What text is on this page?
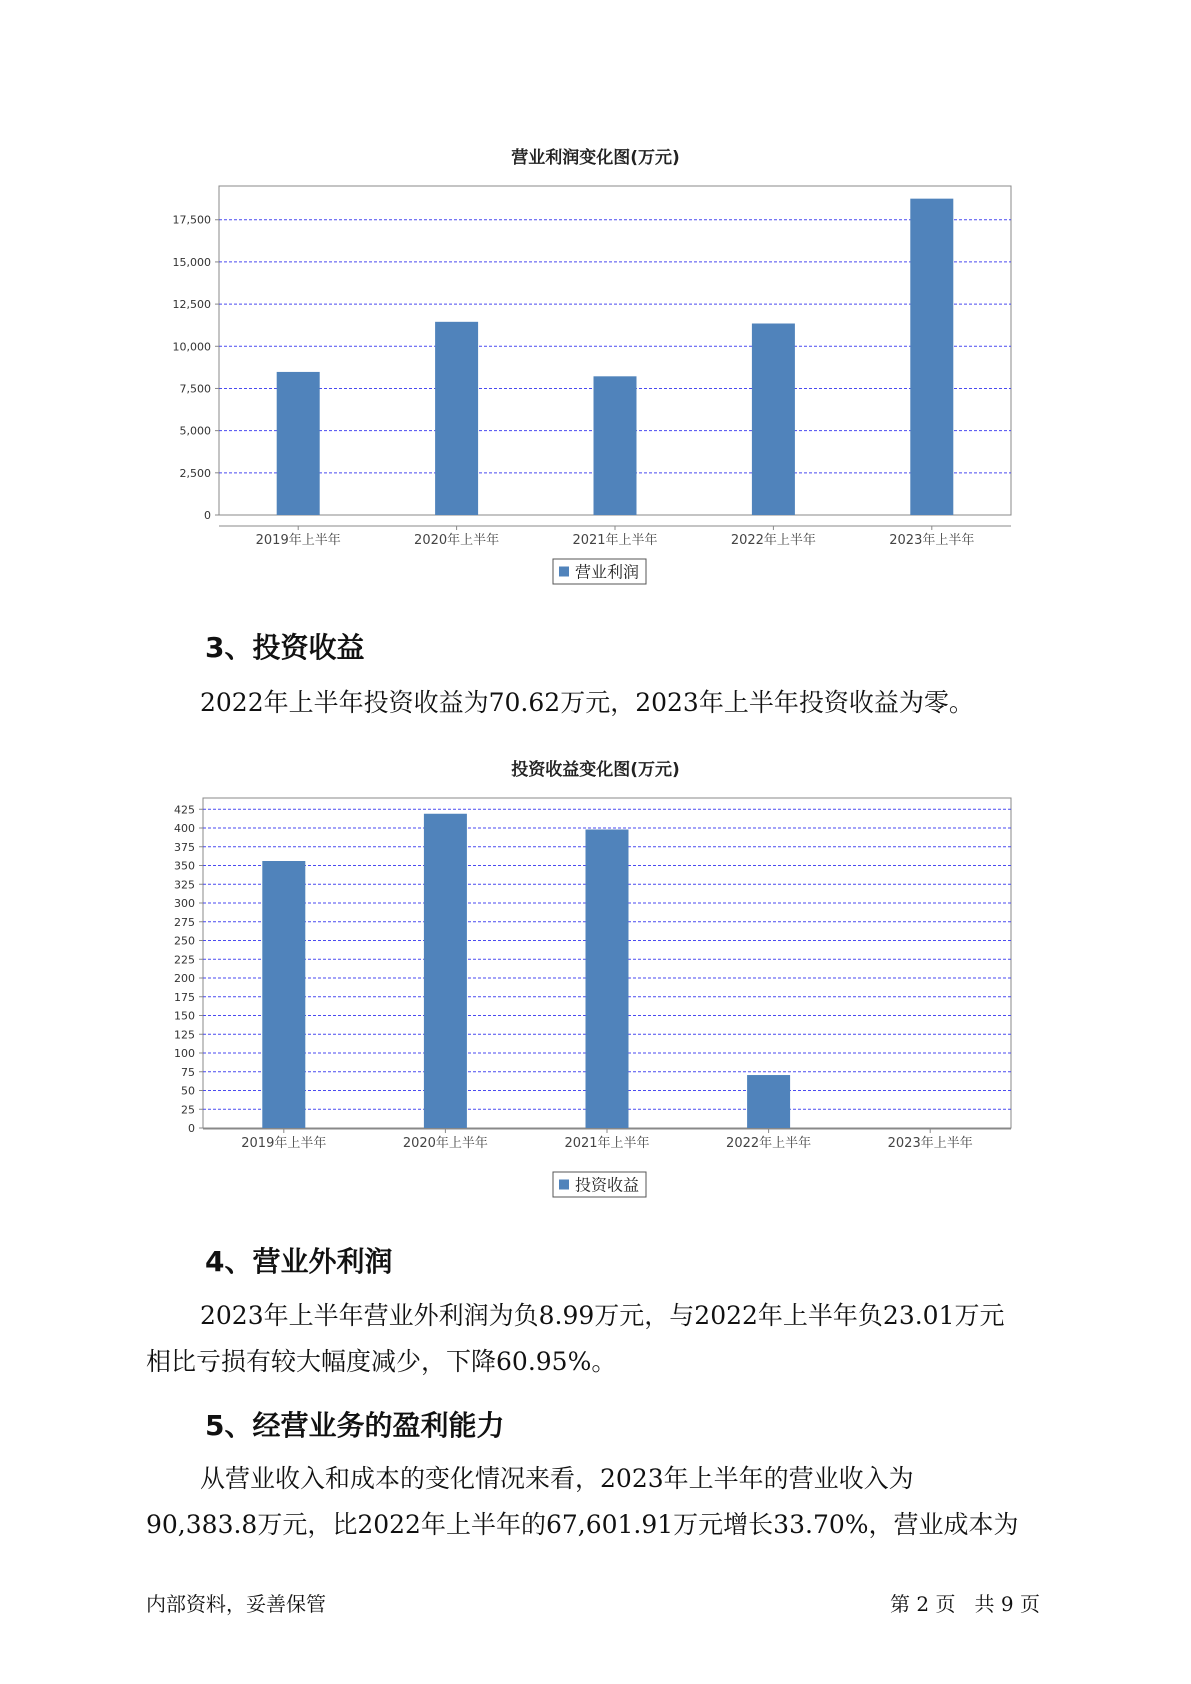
营业利润变化图(万元)
0
2,500
5,000
7,500
10,000
12,500
15,000
17,500
2019年上半年	2020年上半年	2021年上半年	2022年上半年	2023年上半年
营业利润
3、投资收益
2022年上半年投资收益为70.62万元，2023年上半年投资收益为零。
投资收益变化图(万元)
0
25
50
75
100
125
150
175
200
225
250
275
300
325
350
375
400
425
2019年上半年	2020年上半年	2021年上半年	2022年上半年	2023年上半年
投资收益
4、营业外利润
2023年上半年营业外利润为负8.99万元，与2022年上半年负23.01万元
相比亏损有较大幅度减少，下降60.95%。
5、经营业务的盈利能力
从营业收入和成本的变化情况来看，2023年上半年的营业收入为
90,383.8万元，比2022年上半年的67,601.91万元增长33.70%，营业成本为
内部资料，妥善保管	第 2 页   共 9 页
